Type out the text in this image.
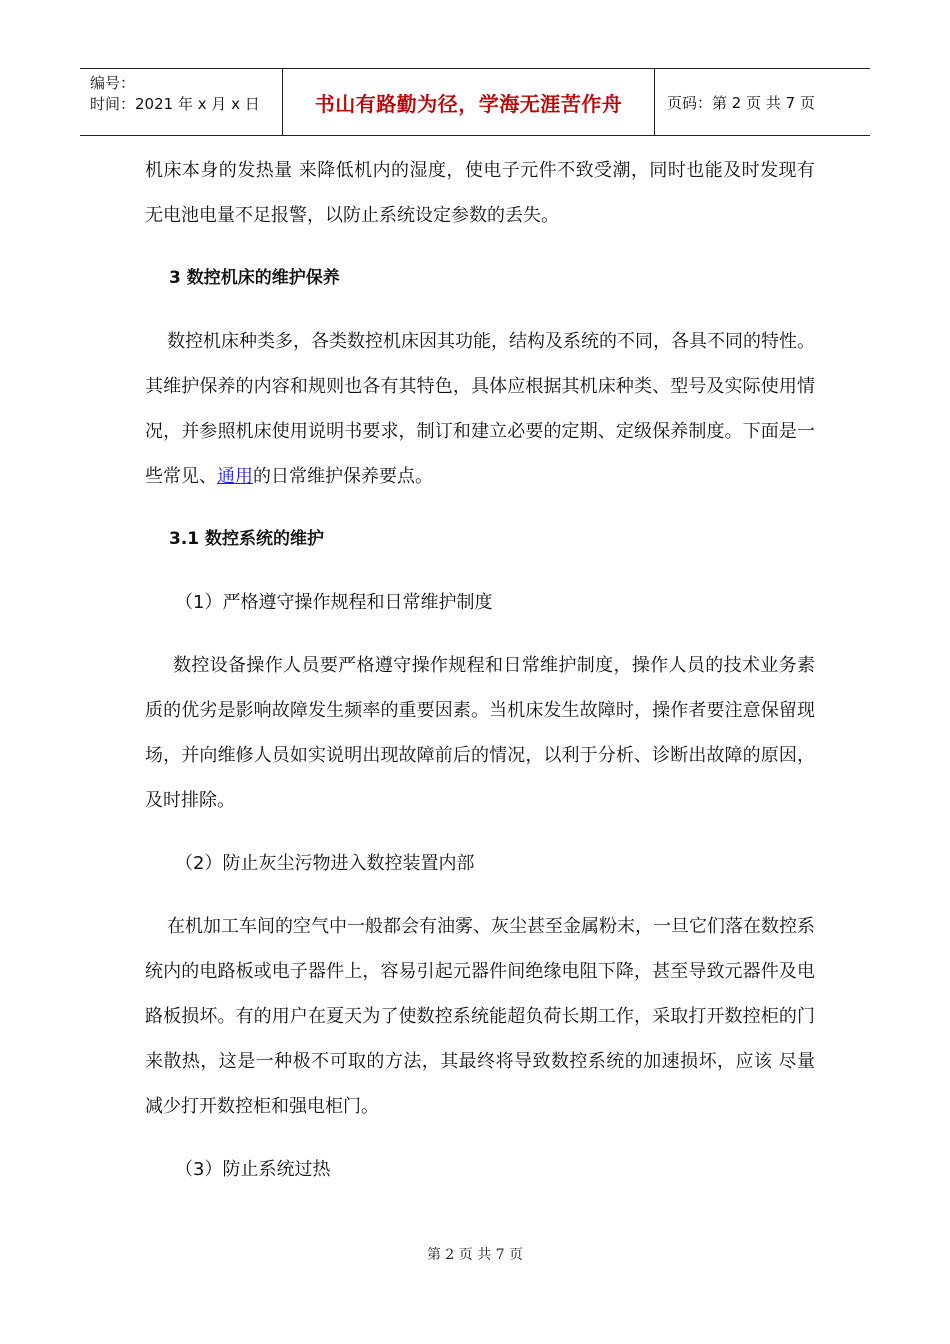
编号：
时间：2021 年 x 月 x 日	书山有路勤为径，学海无涯苦作舟	页码：第 2 页 共 7 页

机床本身的发热量 来降低机内的湿度，使电子元件不致受潮，同时也能及时发现有无电池电量不足报警，以防止系统设定参数的丢失。

3 数控机床的维护保养

数控机床种类多，各类数控机床因其功能，结构及系统的不同，各具不同的特性。其维护保养的内容和规则也各有其特色，具体应根据其机床种类、型号及实际使用情况，并参照机床使用说明书要求，制订和建立必要的定期、定级保养制度。下面是一些常见、通用的日常维护保养要点。

3.1 数控系统的维护

（1）严格遵守操作规程和日常维护制度

数控设备操作人员要严格遵守操作规程和日常维护制度，操作人员的技术业务素质的优劣是影响故障发生频率的重要因素。当机床发生故障时，操作者要注意保留现场，并向维修人员如实说明出现故障前后的情况，以利于分析、诊断出故障的原因，及时排除。

（2）防止灰尘污物进入数控装置内部

在机加工车间的空气中一般都会有油雾、灰尘甚至金属粉末，一旦它们落在数控系统内的电路板或电子器件上，容易引起元器件间绝缘电阻下降，甚至导致元器件及电路板损坏。有的用户在夏天为了使数控系统能超负荷长期工作，采取打开数控柜的门来散热，这是一种极不可取的方法，其最终将导致数控系统的加速损坏，应该 尽量减少打开数控柜和强电柜门。

（3）防止系统过热

第 2 页 共 7 页
